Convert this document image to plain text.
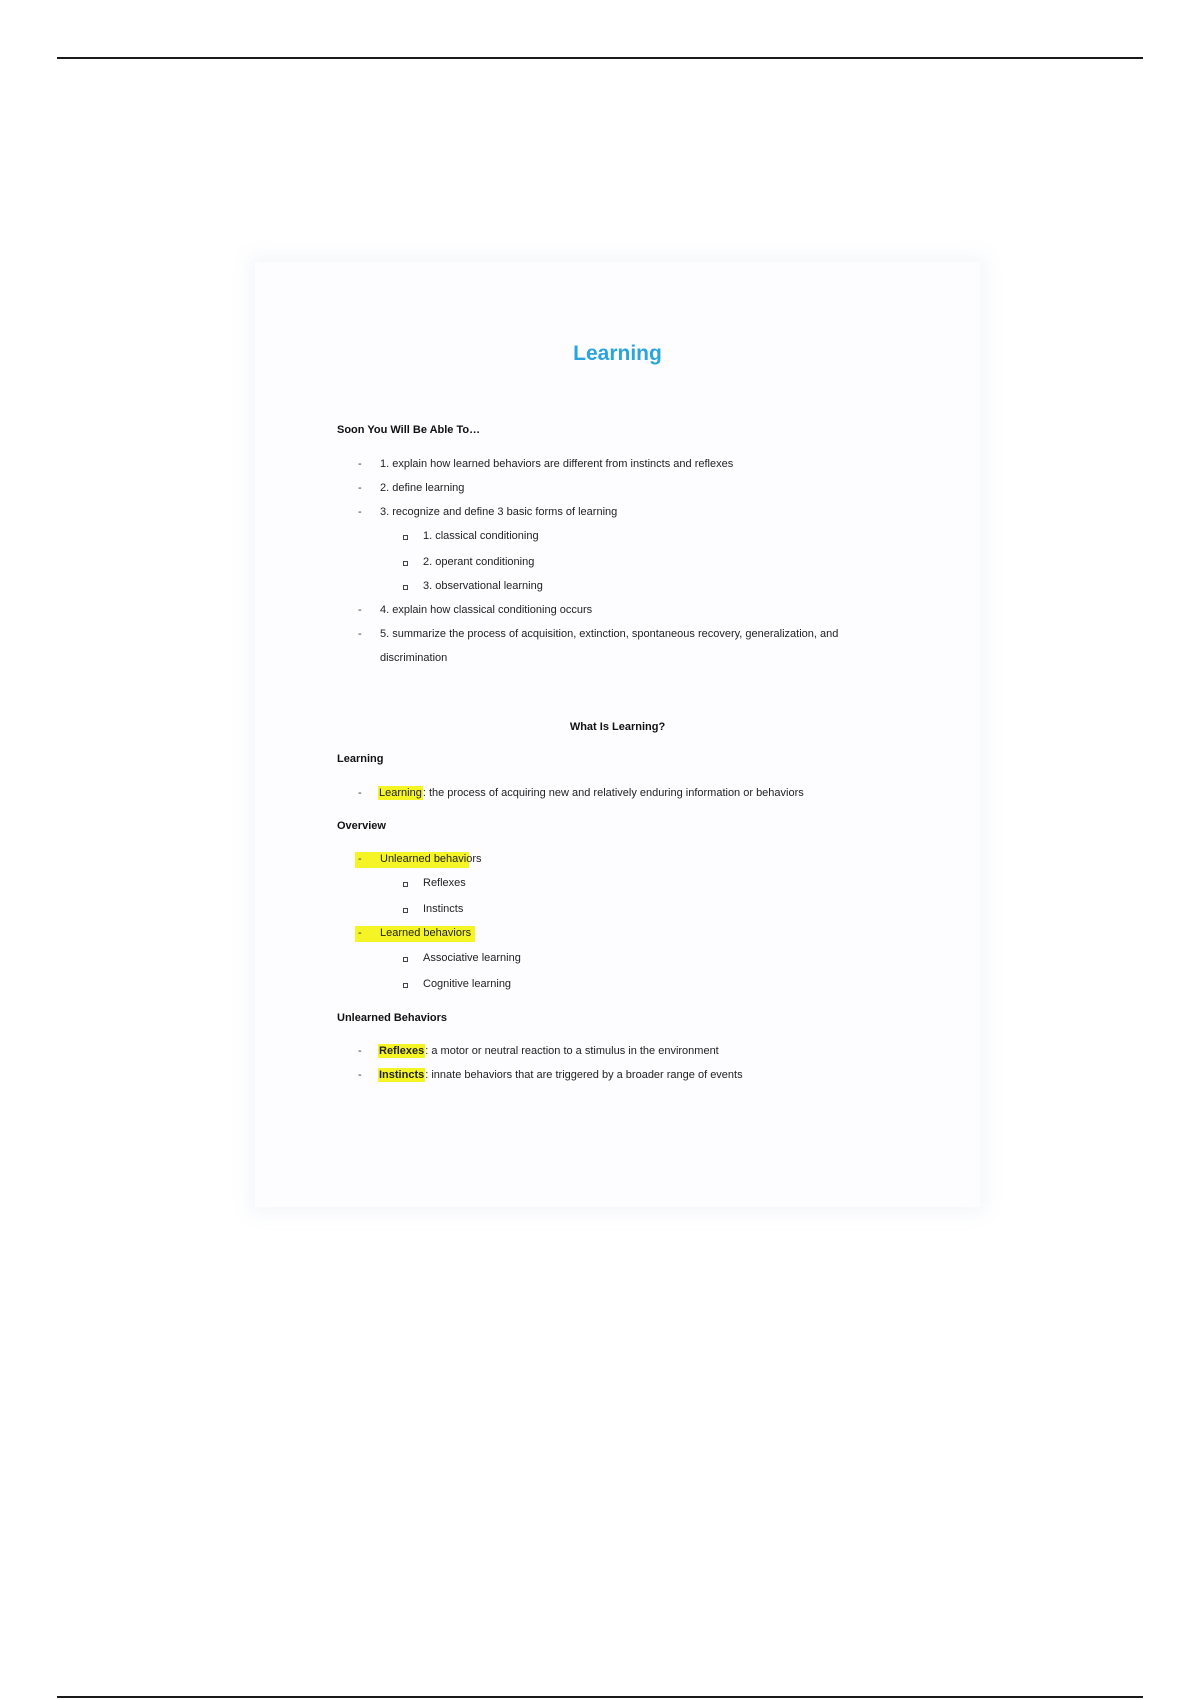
Learning
Soon You Will Be Able To…
- 1. explain how learned behaviors are different from instincts and reflexes
- 2. define learning
- 3. recognize and define 3 basic forms of learning
1. classical conditioning
2. operant conditioning
3. observational learning
- 4. explain how classical conditioning occurs
- 5. summarize the process of acquisition, extinction, spontaneous recovery, generalization, and
discrimination
What Is Learning?
Learning
- Learning: the process of acquiring new and relatively enduring information or behaviors
Overview
- Unlearned behaviors
Reflexes
Instincts
- Learned behaviors
Associative learning
Cognitive learning
Unlearned Behaviors
- Reflexes: a motor or neutral reaction to a stimulus in the environment
- Instincts: innate behaviors that are triggered by a broader range of events
